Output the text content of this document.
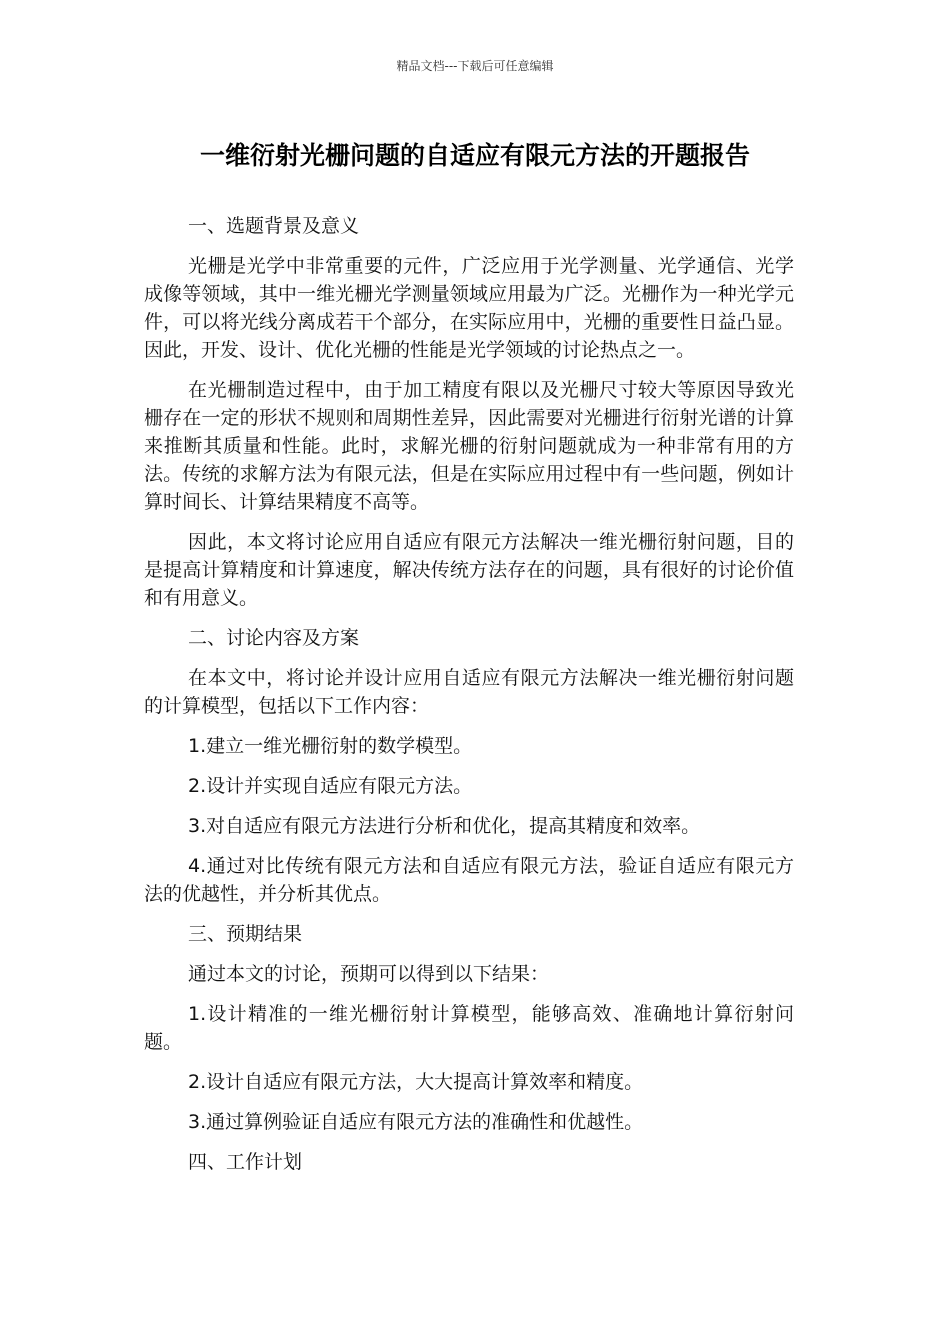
精品文档---下载后可任意编辑
一维衍射光栅问题的自适应有限元方法的开题报告
一、选题背景及意义

光栅是光学中非常重要的元件，广泛应用于光学测量、光学通信、光学成像等领域，其中一维光栅光学测量领域应用最为广泛。光栅作为一种光学元件，可以将光线分离成若干个部分，在实际应用中，光栅的重要性日益凸显。因此，开发、设计、优化光栅的性能是光学领域的讨论热点之一。

在光栅制造过程中，由于加工精度有限以及光栅尺寸较大等原因导致光栅存在一定的形状不规则和周期性差异，因此需要对光栅进行衍射光谱的计算来推断其质量和性能。此时，求解光栅的衍射问题就成为一种非常有用的方法。传统的求解方法为有限元法，但是在实际应用过程中有一些问题，例如计算时间长、计算结果精度不高等。

因此，本文将讨论应用自适应有限元方法解决一维光栅衍射问题，目的是提高计算精度和计算速度，解决传统方法存在的问题，具有很好的讨论价值和有用意义。

二、讨论内容及方案

在本文中，将讨论并设计应用自适应有限元方法解决一维光栅衍射问题的计算模型，包括以下工作内容：

1.建立一维光栅衍射的数学模型。

2.设计并实现自适应有限元方法。

3.对自适应有限元方法进行分析和优化，提高其精度和效率。

4.通过对比传统有限元方法和自适应有限元方法，验证自适应有限元方法的优越性，并分析其优点。

三、预期结果

通过本文的讨论，预期可以得到以下结果：

1.设计精准的一维光栅衍射计算模型，能够高效、准确地计算衍射问题。

2.设计自适应有限元方法，大大提高计算效率和精度。

3.通过算例验证自适应有限元方法的准确性和优越性。

四、工作计划
